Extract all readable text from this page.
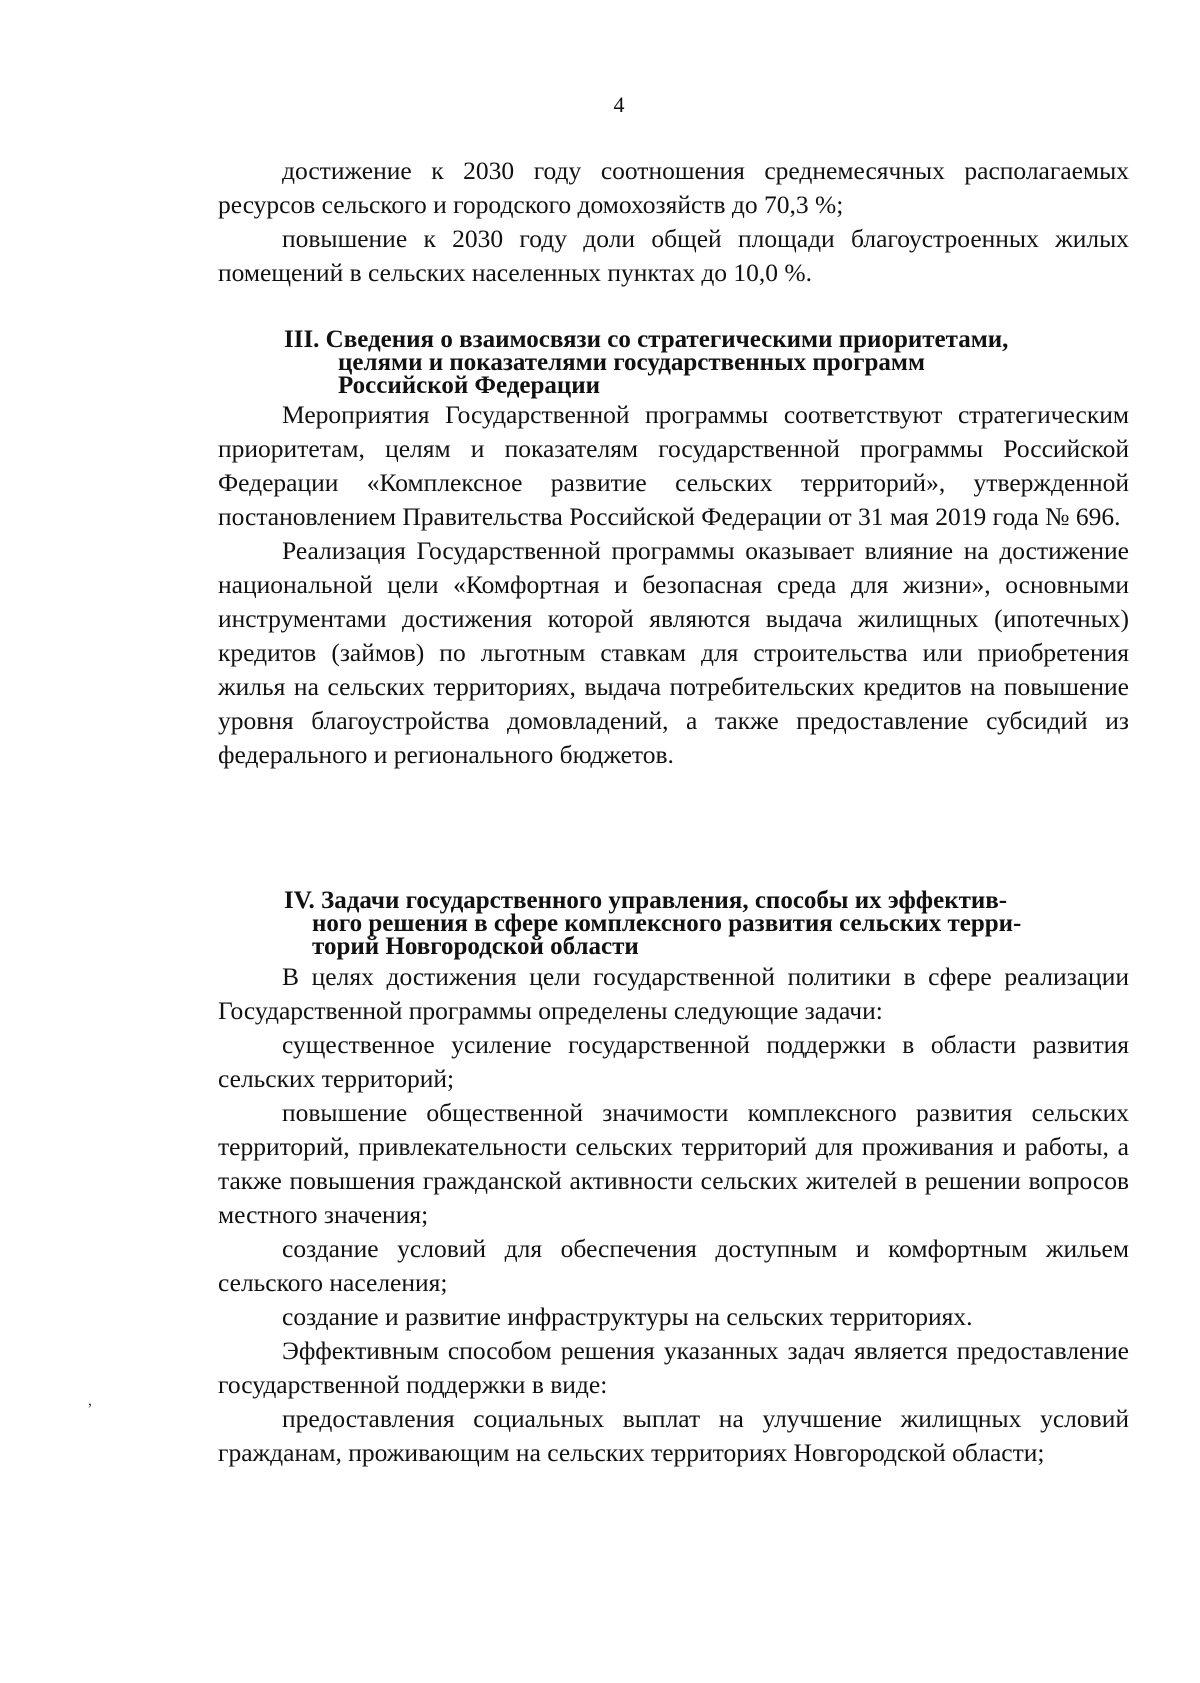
4

достижение к 2030 году соотношения среднемесячных располагаемых ресурсов сельского и городского домохозяйств до 70,3 %;

повышение к 2030 году доли общей площади благоустроенных жилых помещений в сельских населенных пунктах до 10,0 %.

III. Сведения о взаимосвязи со стратегическими приоритетами,
целями и показателями государственных программ
Российской Федерации

Мероприятия Государственной программы соответствуют стратегическим приоритетам, целям и показателям государственной программы Российской Федерации «Комплексное развитие сельских территорий», утвержденной постановлением Правительства Российской Федерации от 31 мая 2019 года № 696.

Реализация Государственной программы оказывает влияние на достижение национальной цели «Комфортная и безопасная среда для жизни», основными инструментами достижения которой являются выдача жилищных (ипотечных) кредитов (займов) по льготным ставкам для строительства или приобретения жилья на сельских территориях, выдача потребительских кредитов на повышение уровня благоустройства домовладений, а также предоставление субсидий из федерального и регионального бюджетов.

IV. Задачи государственного управления, способы их эффектив-
ного решения в сфере комплексного развития сельских терри-
торий Новгородской области

В целях достижения цели государственной политики в сфере реализации Государственной программы определены следующие задачи:

существенное усиление государственной поддержки в области развития сельских территорий;

повышение общественной значимости комплексного развития сельских территорий, привлекательности сельских территорий для проживания и работы, а также повышения гражданской активности сельских жителей в решении вопросов местного значения;

создание условий для обеспечения доступным и комфортным жильем сельского населения;

создание и развитие инфраструктуры на сельских территориях.

Эффективным способом решения указанных задач является предоставление государственной поддержки в виде:

предоставления социальных выплат на улучшение жилищных условий гражданам, проживающим на сельских территориях Новгородской области;

,
